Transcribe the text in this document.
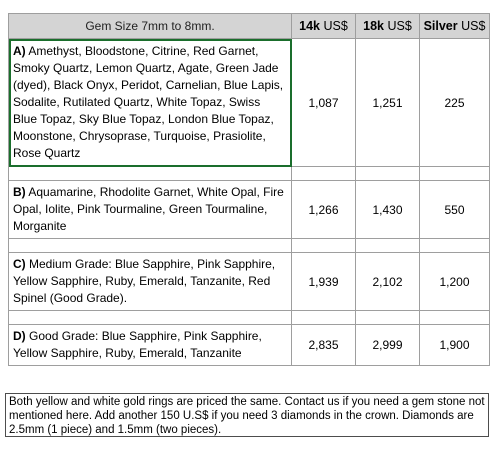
Gem Size 7mm to 8mm.	14k US$	18k US$	Silver US$
A) Amethyst, Bloodstone, Citrine, Red Garnet, Smoky Quartz, Lemon Quartz, Agate, Green Jade (dyed), Black Onyx, Peridot, Carnelian, Blue Lapis, Sodalite, Rutilated Quartz, White Topaz, Swiss Blue Topaz, Sky Blue Topaz, London Blue Topaz, Moonstone, Chrysoprase, Turquoise, Prasiolite, Rose Quartz	1,087	1,251	225

B) Aquamarine, Rhodolite Garnet, White Opal, Fire Opal, Iolite, Pink Tourmaline, Green Tourmaline, Morganite	1,266	1,430	550

C) Medium Grade: Blue Sapphire, Pink Sapphire, Yellow Sapphire, Ruby, Emerald, Tanzanite, Red Spinel (Good Grade).	1,939	2,102	1,200

D) Good Grade: Blue Sapphire, Pink Sapphire, Yellow Sapphire, Ruby, Emerald, Tanzanite	2,835	2,999	1,900
Both yellow and white gold rings are priced the same. Contact us if you need a gem stone not mentioned here. Add another 150 U.S$ if you need 3 diamonds in the crown. Diamonds are 2.5mm (1 piece) and 1.5mm (two pieces).
